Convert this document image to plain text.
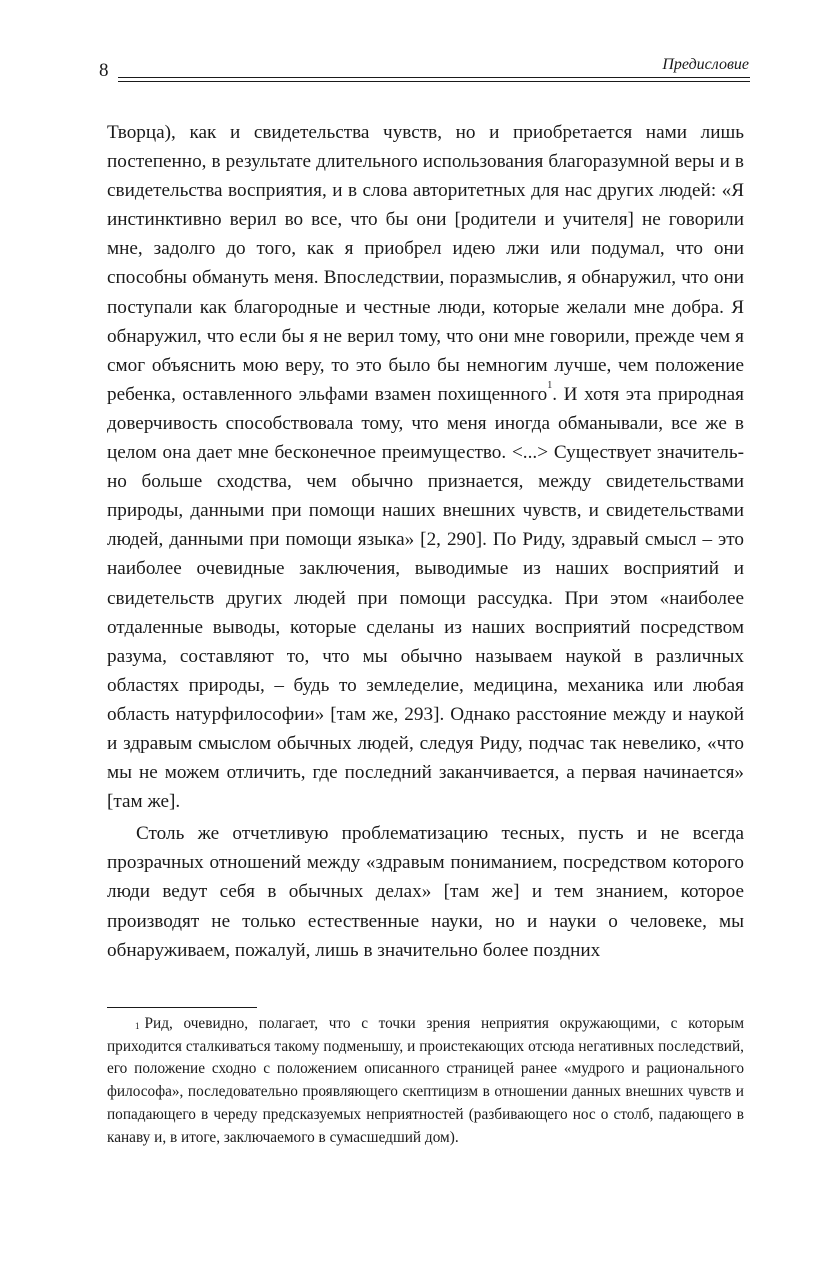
8	Предисловие

Творца), как и свидетельства чувств, но и приобретается нами лишь постепенно, в результате длительного использования благоразумной веры и в свидетельства восприятия, и в слова авторитетных для нас других людей: «Я инстинктивно верил во все, что бы они [родители и учителя] не говорили мне, задолго до того, как я приобрел идею лжи или подумал, что они способны обмануть меня. Впоследствии, поразмыслив, я обнаружил, что они поступали как благородные и честные люди, которые желали мне добра. Я обнаружил, что если бы я не верил тому, что они мне говорили, прежде чем я смог объяснить мою веру, то это было бы немногим лучше, чем положение ребенка, оставленного эльфами взамен похищенного$^1$. И хотя эта природная доверчивость способствовала тому, что меня иногда обманывали, все же в целом она дает мне бесконечное преимущество. <...> Существует значительно больше сходства, чем обычно признается, между свидетельствами природы, данными при помощи наших внешних чувств, и свидетельствами людей, данными при помощи языка» [2, 290]. По Риду, здравый смысл – это наиболее очевидные заключения, выводимые из наших восприятий и свидетельств других людей при помощи рассудка. При этом «наиболее отдаленные выводы, которые сделаны из наших восприятий посредством разума, составляют то, что мы обычно называем наукой в различных областях природы, – будь то земледелие, медицина, механика или любая область натурфилософии» [там же, 293]. Однако расстояние между и наукой и здравым смыслом обычных людей, следуя Риду, подчас так невелико, «что мы не можем отличить, где последний заканчивается, а первая начинается» [там же].

Столь же отчетливую проблематизацию тесных, пусть и не всегда прозрачных отношений между «здравым пониманием, посредством которого люди ведут себя в обычных делах» [там же] и тем знанием, которое производят не только естественные науки, но и науки о человеке, мы обнаруживаем, пожалуй, лишь в значительно более поздних

$^1$ Рид, очевидно, полагает, что с точки зрения неприятия окружающими, с которым приходится сталкиваться такому подменышу, и проистекающих отсюда негативных последствий, его положение сходно с положением описанного страницей ранее «мудрого и рационального философа», последовательно проявляющего скептицизм в отношении данных внешних чувств и попадающего в череду предсказуемых неприятностей (разбивающего нос о столб, падающего в канаву и, в итоге, заключаемого в сумасшедший дом).
